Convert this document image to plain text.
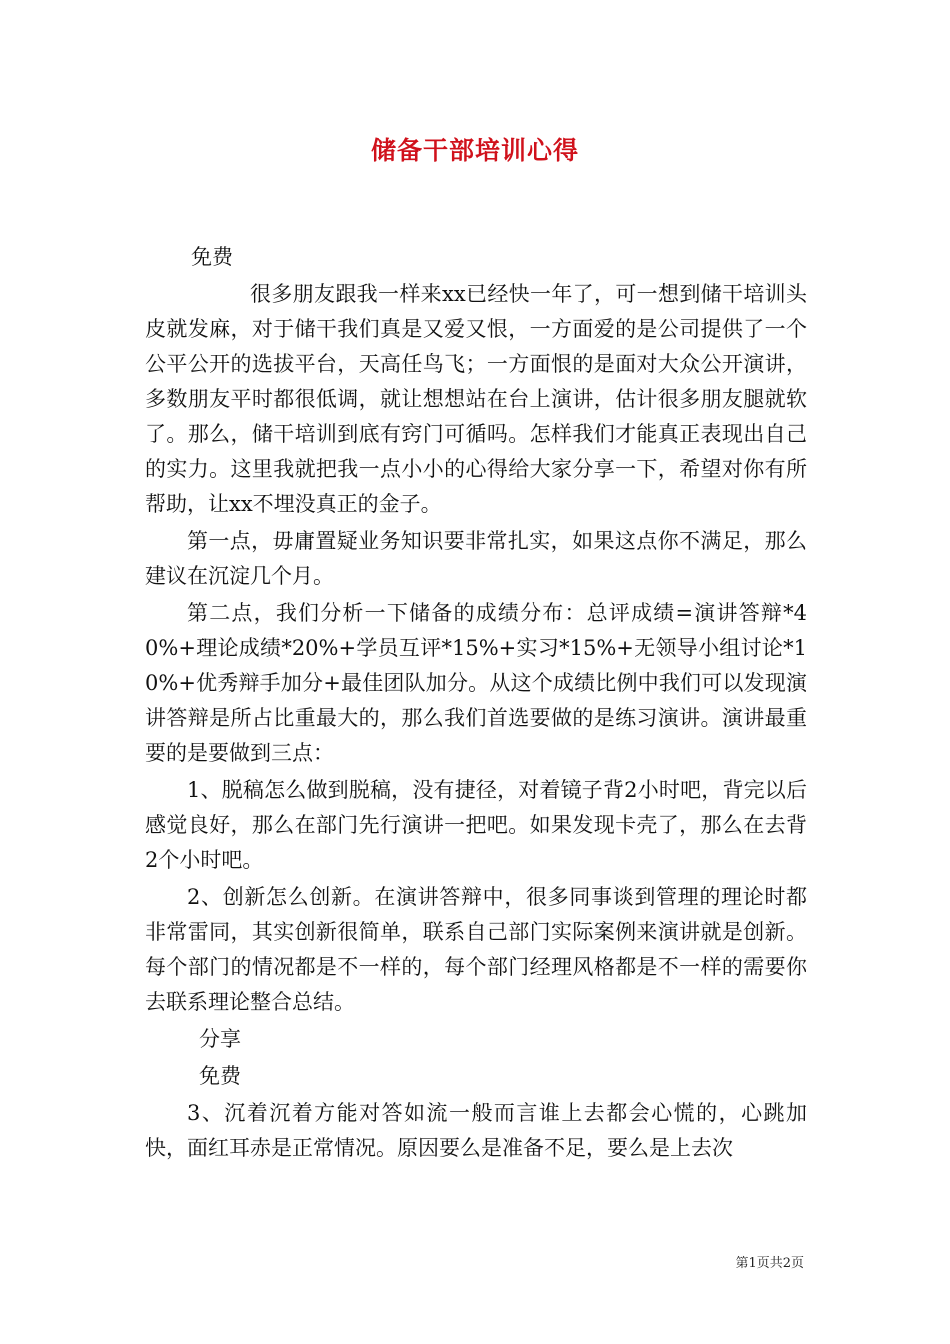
储备干部培训心得

免费

很多朋友跟我一样来xx已经快一年了，可一想到储干培训头皮就发麻，对于储干我们真是又爱又恨，一方面爱的是公司提供了一个公平公开的选拔平台，天高任鸟飞；一方面恨的是面对大众公开演讲，多数朋友平时都很低调，就让想想站在台上演讲，估计很多朋友腿就软了。那么，储干培训到底有窍门可循吗。怎样我们才能真正表现出自己的实力。这里我就把我一点小小的心得给大家分享一下，希望对你有所帮助，让xx不埋没真正的金子。

第一点，毋庸置疑业务知识要非常扎实，如果这点你不满足，那么建议在沉淀几个月。

第二点，我们分析一下储备的成绩分布：总评成绩=演讲答辩*40%+理论成绩*20%+学员互评*15%+实习*15%+无领导小组讨论*10%+优秀辩手加分+最佳团队加分。从这个成绩比例中我们可以发现演讲答辩是所占比重最大的，那么我们首选要做的是练习演讲。演讲最重要的是要做到三点：

1、脱稿怎么做到脱稿，没有捷径，对着镜子背2小时吧，背完以后感觉良好，那么在部门先行演讲一把吧。如果发现卡壳了，那么在去背2个小时吧。

2、创新怎么创新。在演讲答辩中，很多同事谈到管理的理论时都非常雷同，其实创新很简单，联系自己部门实际案例来演讲就是创新。每个部门的情况都是不一样的，每个部门经理风格都是不一样的需要你去联系理论整合总结。

分享

免费

3、沉着沉着方能对答如流一般而言谁上去都会心慌的，心跳加快，面红耳赤是正常情况。原因要么是准备不足，要么是上去次

第1页共2页
